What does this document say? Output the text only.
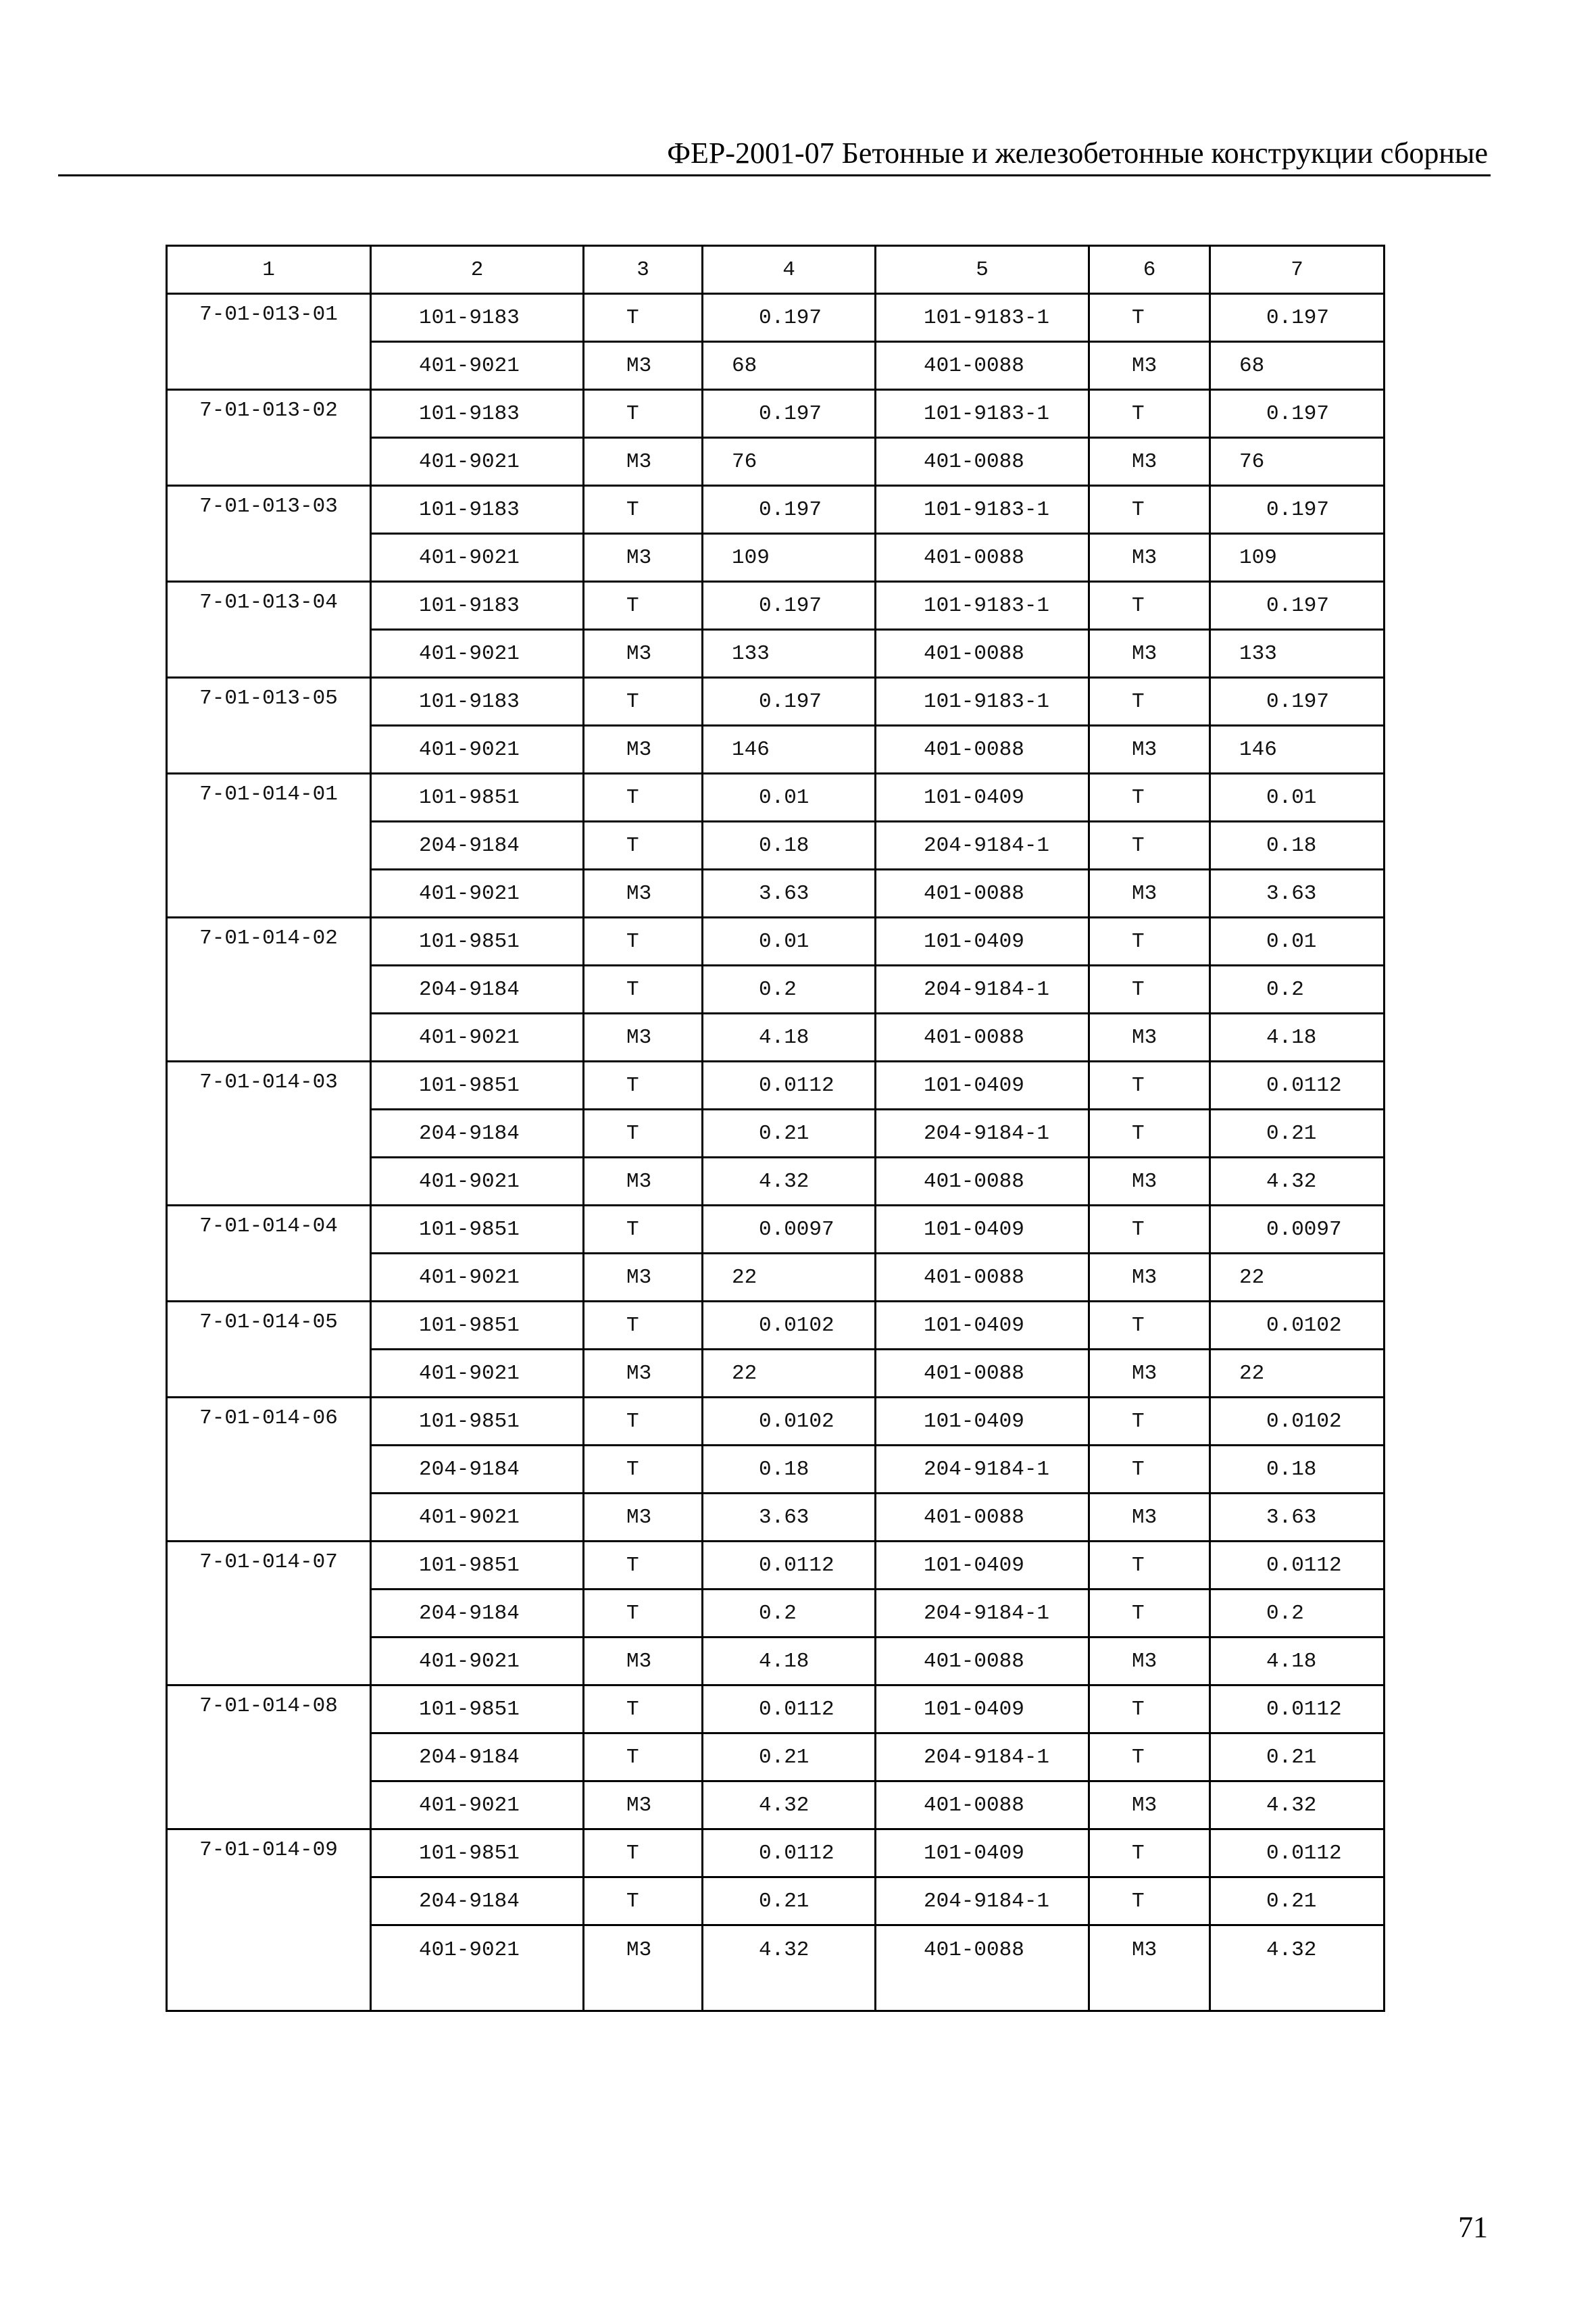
ФЕР-2001-07 Бетонные и железобетонные конструкции сборные
1	2	3	4	5	6	7
7-01-013-01	101-9183	Т	0.197	101-9183-1	Т	0.197
	401-9021	М3	68	401-0088	М3	68
7-01-013-02	101-9183	Т	0.197	101-9183-1	Т	0.197
	401-9021	М3	76	401-0088	М3	76
7-01-013-03	101-9183	Т	0.197	101-9183-1	Т	0.197
	401-9021	М3	109	401-0088	М3	109
7-01-013-04	101-9183	Т	0.197	101-9183-1	Т	0.197
	401-9021	М3	133	401-0088	М3	133
7-01-013-05	101-9183	Т	0.197	101-9183-1	Т	0.197
	401-9021	М3	146	401-0088	М3	146
7-01-014-01	101-9851	Т	0.01	101-0409	Т	0.01
	204-9184	Т	0.18	204-9184-1	Т	0.18
	401-9021	М3	3.63	401-0088	М3	3.63
7-01-014-02	101-9851	Т	0.01	101-0409	Т	0.01
	204-9184	Т	0.2	204-9184-1	Т	0.2
	401-9021	М3	4.18	401-0088	М3	4.18
7-01-014-03	101-9851	Т	0.0112	101-0409	Т	0.0112
	204-9184	Т	0.21	204-9184-1	Т	0.21
	401-9021	М3	4.32	401-0088	М3	4.32
7-01-014-04	101-9851	Т	0.0097	101-0409	Т	0.0097
	401-9021	М3	22	401-0088	М3	22
7-01-014-05	101-9851	Т	0.0102	101-0409	Т	0.0102
	401-9021	М3	22	401-0088	М3	22
7-01-014-06	101-9851	Т	0.0102	101-0409	Т	0.0102
	204-9184	Т	0.18	204-9184-1	Т	0.18
	401-9021	М3	3.63	401-0088	М3	3.63
7-01-014-07	101-9851	Т	0.0112	101-0409	Т	0.0112
	204-9184	Т	0.2	204-9184-1	Т	0.2
	401-9021	М3	4.18	401-0088	М3	4.18
7-01-014-08	101-9851	Т	0.0112	101-0409	Т	0.0112
	204-9184	Т	0.21	204-9184-1	Т	0.21
	401-9021	М3	4.32	401-0088	М3	4.32
7-01-014-09	101-9851	Т	0.0112	101-0409	Т	0.0112
	204-9184	Т	0.21	204-9184-1	Т	0.21
	401-9021	М3	4.32	401-0088	М3	4.32
71
